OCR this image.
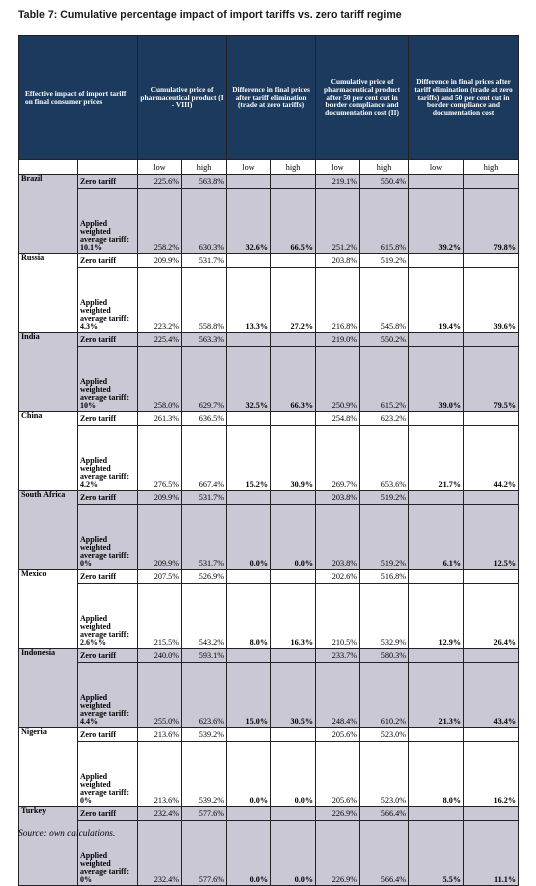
Table 7: Cumulative percentage impact of import tariffs vs. zero tariff regime
Effective impact of import tariff on final consumer prices		Cumulative price of pharmaceutical product (I - VIII)		Difference in final prices after tariff elimination (trade at zero tariffs)		Cumulative price of pharmaceutical product after 50 per cent cut in border compliance and documentation cost (II)		Difference in final prices after tariff elimination (trade at zero tariffs) and 50 per cent cut in border compliance and documentation cost	
		low	high	low	high	low	high	low	high
Brazil	Zero tariff	225.6%	563.8%			219.1%	550.4%		
	Applied weighted average tariff: 10.1%	258.2%	630.3%	32.6%	66.5%	251.2%	615.8%	39.2%	79.8%
Russia	Zero tariff	209.9%	531.7%			203.8%	519.2%		
	Applied weighted average tariff: 4.3%	223.2%	558.8%	13.3%	27.2%	216.8%	545.8%	19.4%	39.6%
India	Zero tariff	225.4%	563.3%			219.0%	550.2%		
	Applied weighted average tariff: 10%	258.0%	629.7%	32.5%	66.3%	250.9%	615.2%	39.0%	79.5%
China	Zero tariff	261.3%	636.5%			254.8%	623.2%		
	Applied weighted average tariff: 4.2%	276.5%	667.4%	15.2%	30.9%	269.7%	653.6%	21.7%	44.2%
South Africa	Zero tariff	209.9%	531.7%			203.8%	519.2%		
	Applied weighted average tariff: 0%	209.9%	531.7%	0.0%	0.0%	203.8%	519.2%	6.1%	12.5%
Mexico	Zero tariff	207.5%	526.9%			202.6%	516.8%		
	Applied weighted average tariff: 2.6%%	215.5%	543.2%	8.0%	16.3%	210.5%	532.9%	12.9%	26.4%
Indonesia	Zero tariff	240.0%	593.1%			233.7%	580.3%		
	Applied weighted average tariff: 4.4%	255.0%	623.6%	15.0%	30.5%	248.4%	610.2%	21.3%	43.4%
Nigeria	Zero tariff	213.6%	539.2%			205.6%	523.0%		
	Applied weighted average tariff: 0%	213.6%	539.2%	0.0%	0.0%	205.6%	523.0%	8.0%	16.2%
Turkey	Zero tariff	232.4%	577.6%			226.9%	566.4%		
	Applied weighted average tariff: 0%	232.4%	577.6%	0.0%	0.0%	226.9%	566.4%	5.5%	11.1%
Source: own calculations.
